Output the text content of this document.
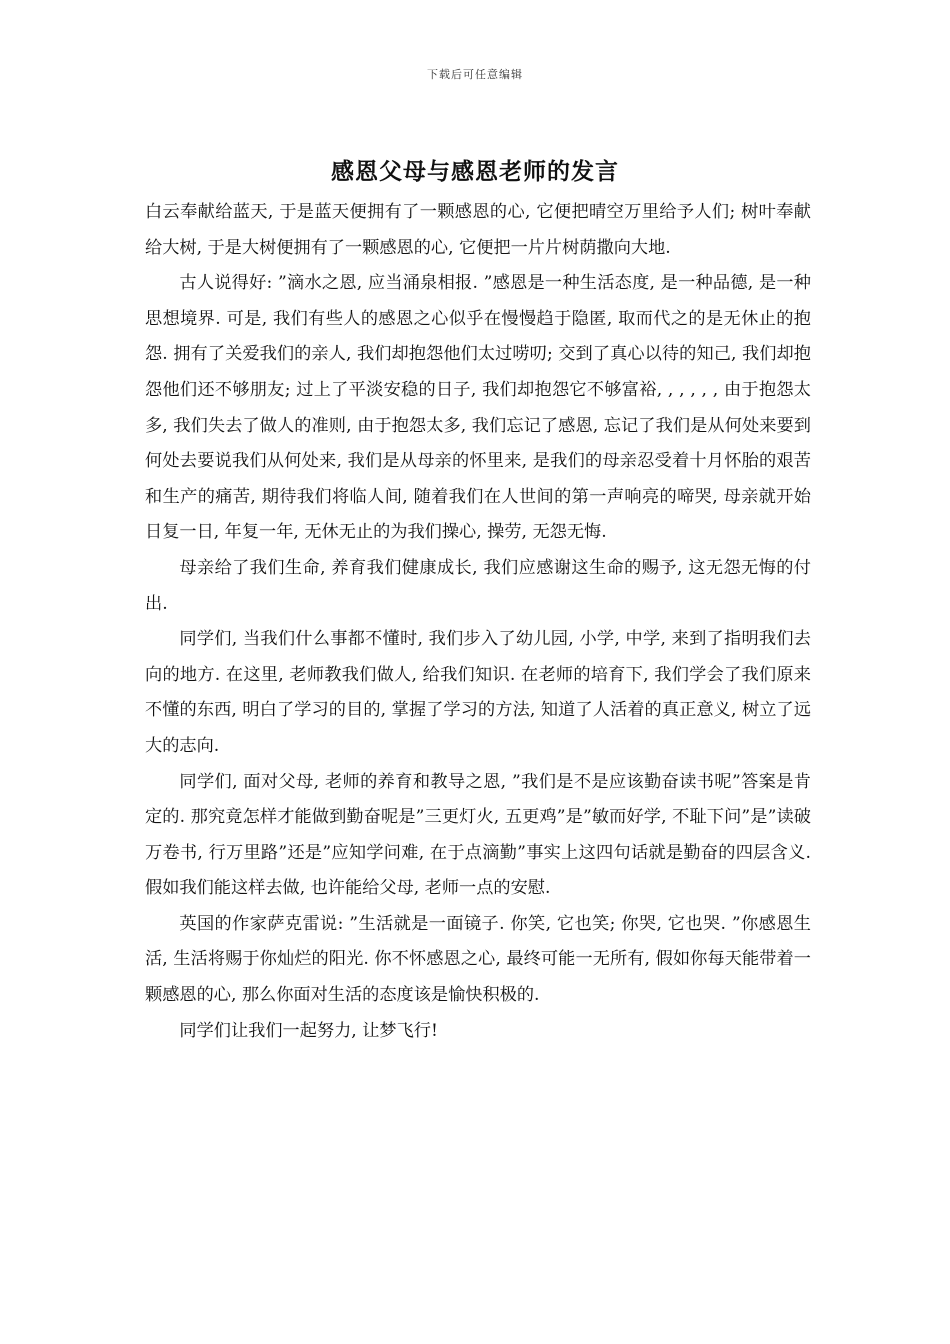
下载后可任意编辑
感恩父母与感恩老师的发言

白云奉献给蓝天, 于是蓝天便拥有了一颗感恩的心, 它便把晴空万里给予人们; 树叶奉献给大树, 于是大树便拥有了一颗感恩的心, 它便把一片片树荫撒向大地.

古人说得好: ”滴水之恩, 应当涌泉相报. ”感恩是一种生活态度, 是一种品德, 是一种思想境界. 可是, 我们有些人的感恩之心似乎在慢慢趋于隐匿, 取而代之的是无休止的抱怨. 拥有了关爱我们的亲人, 我们却抱怨他们太过唠叨; 交到了真心以待的知己, 我们却抱怨他们还不够朋友; 过上了平淡安稳的日子, 我们却抱怨它不够富裕, , , , , , 由于抱怨太多, 我们失去了做人的准则, 由于抱怨太多, 我们忘记了感恩, 忘记了我们是从何处来要到何处去要说我们从何处来, 我们是从母亲的怀里来, 是我们的母亲忍受着十月怀胎的艰苦和生产的痛苦, 期待我们将临人间, 随着我们在人世间的第一声响亮的啼哭, 母亲就开始日复一日, 年复一年, 无休无止的为我们操心, 操劳, 无怨无悔.

母亲给了我们生命, 养育我们健康成长, 我们应感谢这生命的赐予, 这无怨无悔的付出.

同学们, 当我们什么事都不懂时, 我们步入了幼儿园, 小学, 中学, 来到了指明我们去向的地方. 在这里, 老师教我们做人, 给我们知识. 在老师的培育下, 我们学会了我们原来不懂的东西, 明白了学习的目的, 掌握了学习的方法, 知道了人活着的真正意义, 树立了远大的志向.

同学们, 面对父母, 老师的养育和教导之恩, ”我们是不是应该勤奋读书呢”答案是肯定的. 那究竟怎样才能做到勤奋呢是”三更灯火, 五更鸡”是”敏而好学, 不耻下问”是”读破万卷书, 行万里路”还是”应知学问难, 在于点滴勤”事实上这四句话就是勤奋的四层含义. 假如我们能这样去做, 也许能给父母, 老师一点的安慰.

英国的作家萨克雷说: ”生活就是一面镜子. 你笑, 它也笑; 你哭, 它也哭. ”你感恩生活, 生活将赐于你灿烂的阳光. 你不怀感恩之心, 最终可能一无所有, 假如你每天能带着一颗感恩的心, 那么你面对生活的态度该是愉快积极的.

同学们让我们一起努力, 让梦飞行!
